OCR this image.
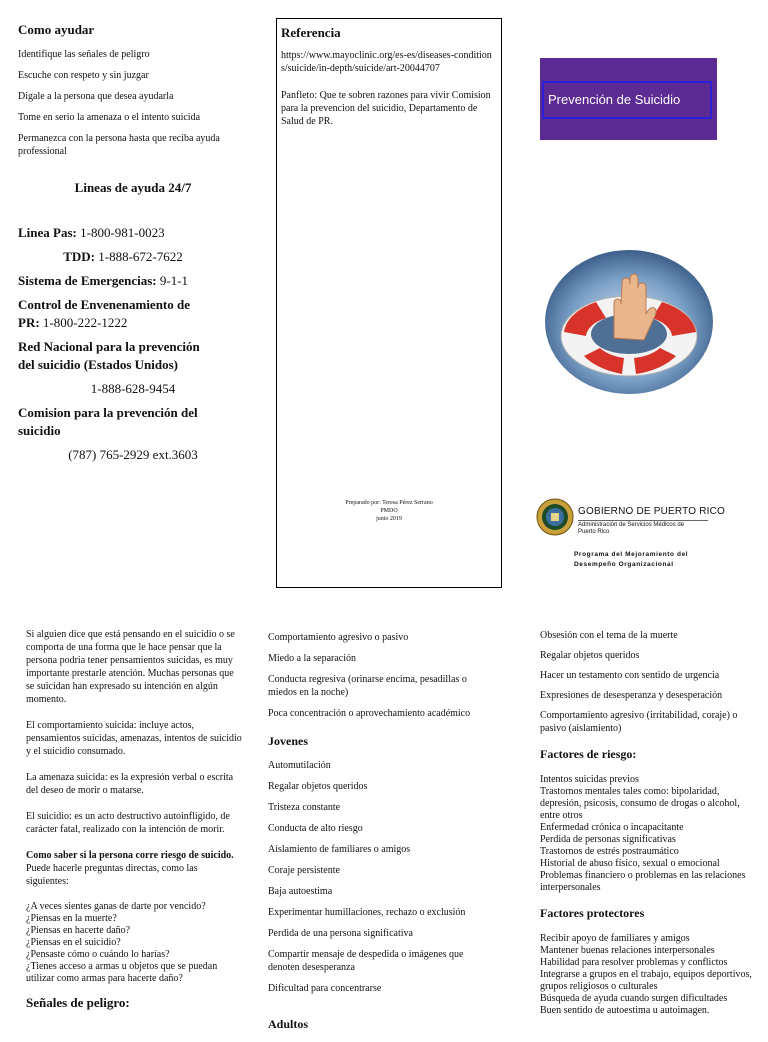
Como ayudar
Identifique las señales de peligro
Escuche con respeto y sin juzgar
Digale a la persona que desea ayudarla
Tome en serio la amenaza o el intento suicida
Permanezca con la persona hasta que reciba ayuda professional
Lineas de ayuda 24/7
Linea Pas: 1-800-981-0023
TDD: 1-888-672-7622
Sistema de Emergencias: 9-1-1
Control de Envenenamiento de PR: 1-800-222-1222
Red Nacional para la prevención del suicidio (Estados Unidos)
1-888-628-9454
Comision para la prevención del suicidio
(787) 765-2929 ext.3603
Referencia

https://www.mayoclinic.org/es-es/diseases-conditions/suicide/in-depth/suicide/art-20044707

Panfleto: Que te sobren razones para vivir Comision para la prevencion del suicidio, Departamento de Salud de PR.

Preparado por: Teresa Pérez Serrano
PMDO
junio 2019
Prevención de Suicidio
GOBIERNO DE PUERTO RICO
Administración de Servicios Médicos de Puerto Rico
Programa del Mejoramiento del
Desempeño Organizacional

Si alguien dice que está pensando en el suicidio o se comporta de una forma que le hace pensar que la persona podria tener pensamientos suicidas, es muy importante prestarle atención. Muchas personas que se suicidan han expresado su intención en algún momento.

El comportamiento suicida: incluye actos, pensamientos suicidas, amenazas, intentos de suicidio y el suicidio consumado.

La amenaza suicida: es la expresión verbal o escrita del deseo de morir o matarse.

El suicidio: es un acto destructivo autoinfligido, de carácter fatal, realizado con la intención de morir.

Como saber si la persona corre riesgo de suicido. Puede hacerle preguntas directas, como las siguientes:

¿A veces sientes ganas de darte por vencido?
¿Piensas en la muerte?
¿Piensas en hacerte daño?
¿Piensas en el suicidio?
¿Pensaste cómo o cuándo lo harías?
¿Tienes acceso a armas u objetos que se puedan utilizar como armas para hacerte daño?
Señales de peligro:
Comportamiento agresivo o pasivo
Miedo a la separación
Conducta regresiva (orinarse encima, pesadillas o miedos en la noche)
Poca concentración o aprovechamiento académico
Jovenes
Automutilación
Regalar objetos queridos
Tristeza constante
Conducta de alto riesgo
Aislamiento de familiares o amigos
Coraje persistente
Baja autoestima
Experimentar humillaciones, rechazo o exclusión
Perdida de una persona significativa
Compartir mensaje de despedida o imágenes que denoten desesperanza
Dificultad para concentrarse
Adultos
Obsesión con el tema de la muerte
Regalar objetos queridos
Hacer un testamento con sentido de urgencia
Expresiones de desesperanza y desesperación
Comportamiento agresivo (irritabilidad, coraje) o pasivo (aislamiento)
Factores de riesgo:
Intentos suicidas previos
Trastornos mentales tales como: bipolaridad, depresión, psicosis, consumo de drogas o alcohol, entre otros
Enfermedad crónica o incapacitante
Perdida de personas significativas
Trastornos de estrés postraumático
Historial de abuso físico, sexual o emocional
Problemas financiero o problemas en las relaciones interpersonales
Factores protectores
Recibir apoyo de familiares y amigos
Mantener buenas relaciones interpersonales
Habilidad para resolver problemas y conflictos
Integrarse a grupos en el trabajo, equipos deportivos, grupos religiosos o culturales
Búsqueda de ayuda cuando surgen dificultades
Buen sentido de autoestima u autoimagen.
